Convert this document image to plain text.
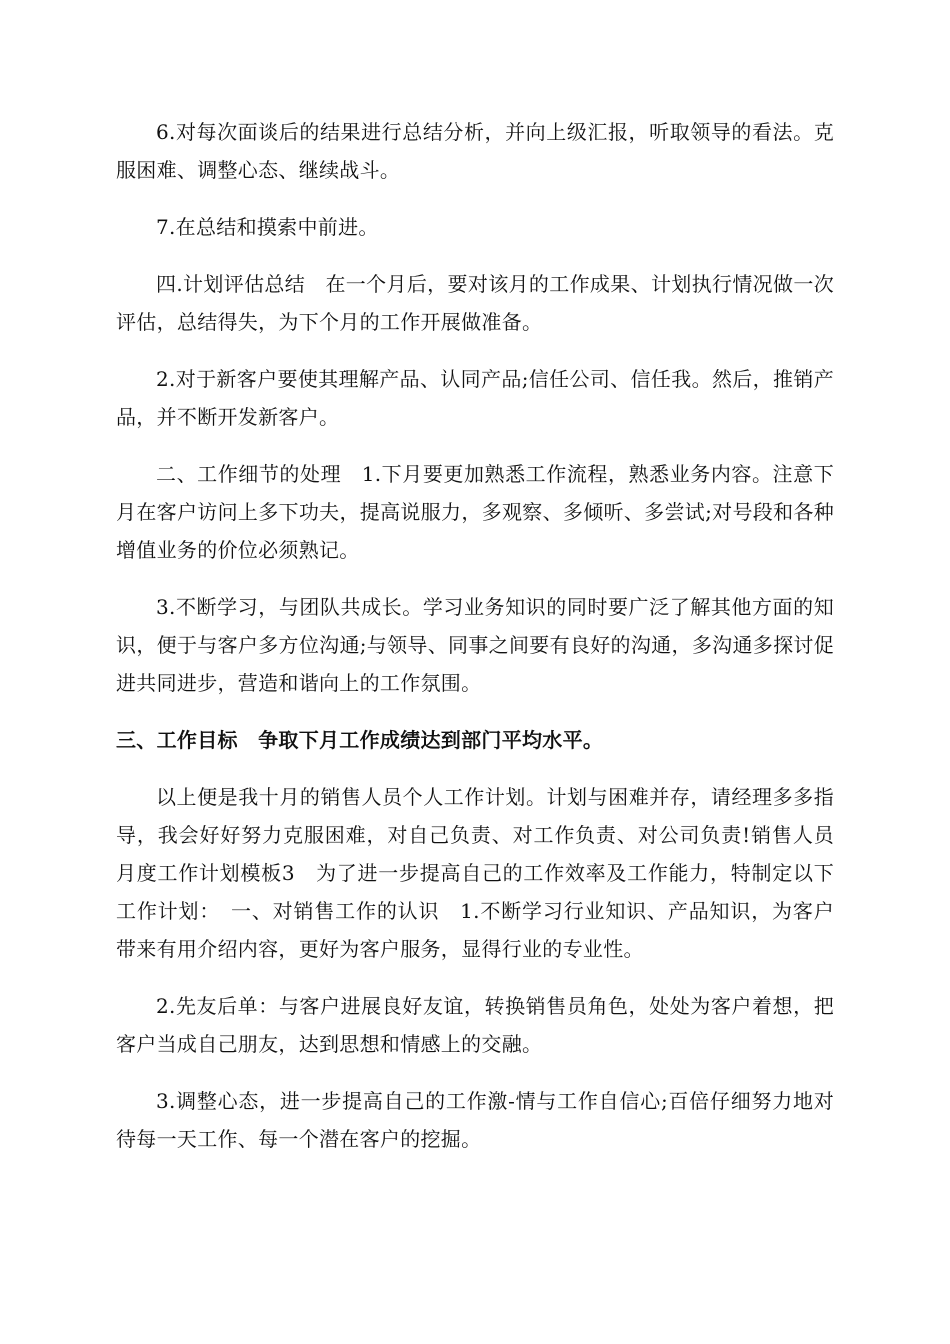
6.对每次面谈后的结果进行总结分析，并向上级汇报，听取领导的看法。克服困难、调整心态、继续战斗。

7.在总结和摸索中前进。

四.计划评估总结　在一个月后，要对该月的工作成果、计划执行情况做一次评估，总结得失，为下个月的工作开展做准备。

2.对于新客户要使其理解产品、认同产品;信任公司、信任我。然后，推销产品，并不断开发新客户。

二、工作细节的处理　1.下月要更加熟悉工作流程，熟悉业务内容。注意下月在客户访问上多下功夫，提高说服力，多观察、多倾听、多尝试;对号段和各种增值业务的价位必须熟记。

3.不断学习，与团队共成长。学习业务知识的同时要广泛了解其他方面的知识，便于与客户多方位沟通;与领导、同事之间要有良好的沟通，多沟通多探讨促进共同进步，营造和谐向上的工作氛围。

三、工作目标　争取下月工作成绩达到部门平均水平。

以上便是我十月的销售人员个人工作计划。计划与困难并存，请经理多多指导，我会好好努力克服困难，对自己负责、对工作负责、对公司负责!销售人员月度工作计划模板3　为了进一步提高自己的工作效率及工作能力，特制定以下工作计划：　一、对销售工作的认识　1.不断学习行业知识、产品知识，为客户带来有用介绍内容，更好为客户服务，显得行业的专业性。

2.先友后单：与客户进展良好友谊，转换销售员角色，处处为客户着想，把客户当成自己朋友，达到思想和情感上的交融。

3.调整心态，进一步提高自己的工作激-情与工作自信心;百倍仔细努力地对待每一天工作、每一个潜在客户的挖掘。
